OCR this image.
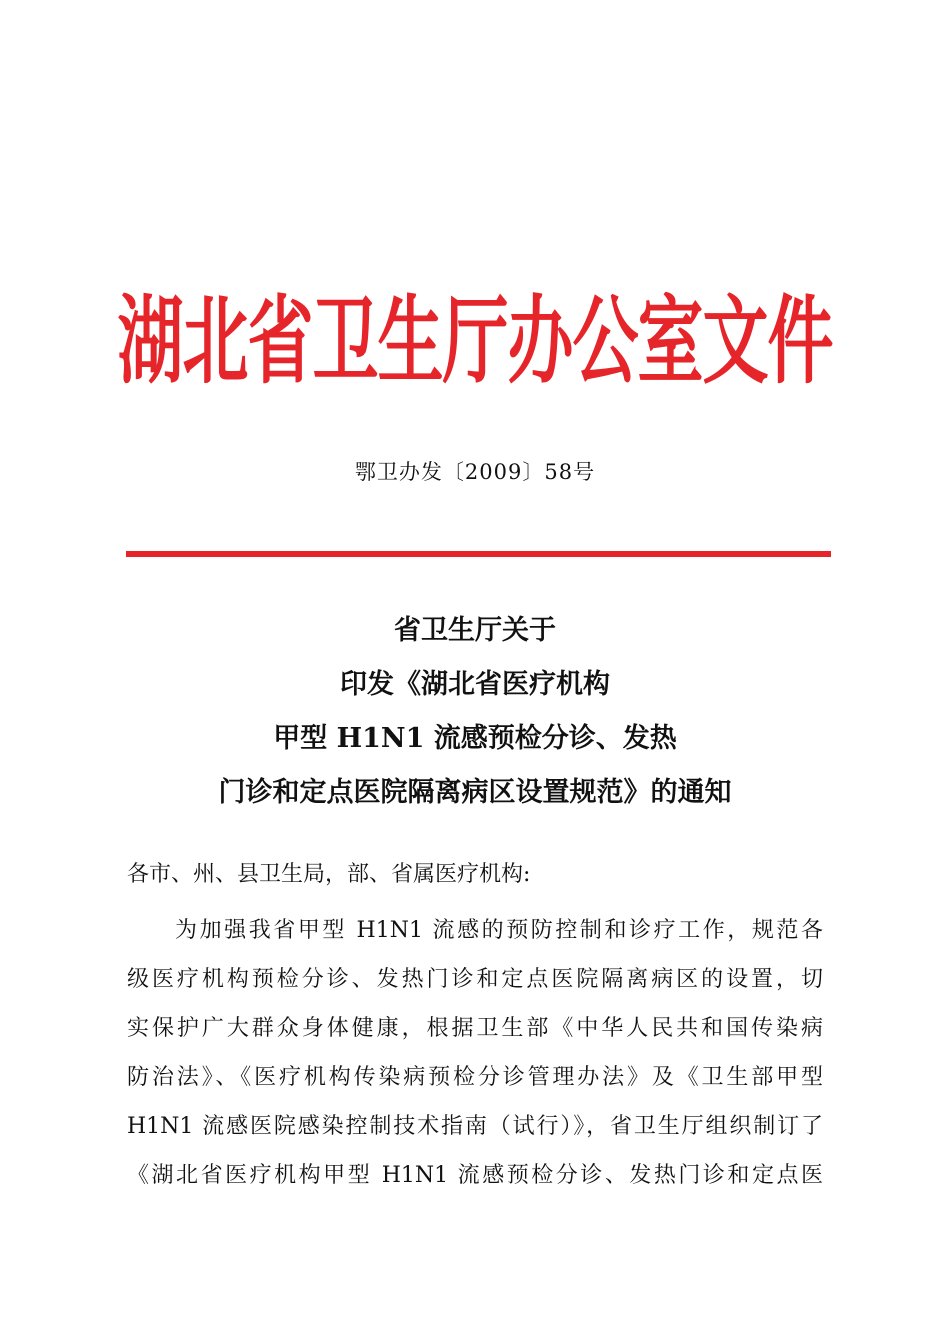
湖北省卫生厅办公室文件
鄂卫办发〔2009〕58号
省卫生厅关于
印发《湖北省医疗机构
甲型 H1N1 流感预检分诊、发热
门诊和定点医院隔离病区设置规范》的通知
各市、州、县卫生局，部、省属医疗机构:
为加强我省甲型 H1N1 流感的预防控制和诊疗工作，规范各
级医疗机构预检分诊、发热门诊和定点医院隔离病区的设置，切
实保护广大群众身体健康，根据卫生部《中华人民共和国传染病
防治法》、《医疗机构传染病预检分诊管理办法》及《卫生部甲型
H1N1 流感医院感染控制技术指南（试行）》，省卫生厅组织制订了
《湖北省医疗机构甲型 H1N1 流感预检分诊、发热门诊和定点医
